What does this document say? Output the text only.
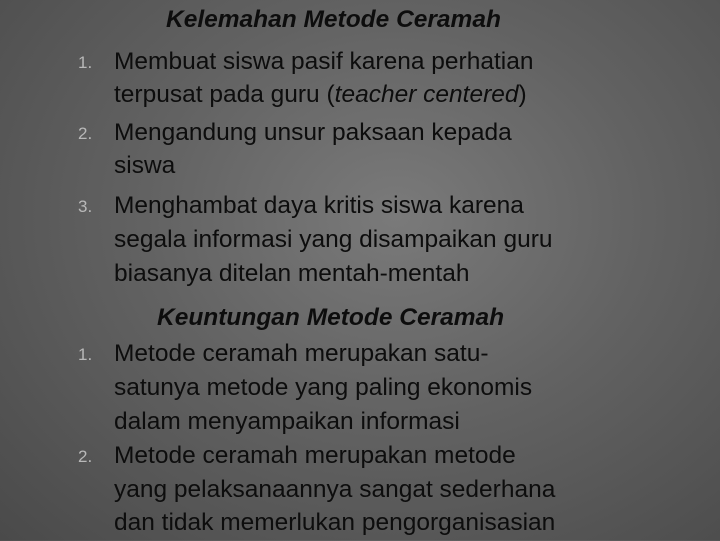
Kelemahan Metode Ceramah
1. Membuat siswa pasif karena perhatian
terpusat pada guru (teacher centered)
2. Mengandung unsur paksaan kepada
siswa
3. Menghambat daya kritis siswa karena
segala informasi yang disampaikan guru
biasanya ditelan mentah-mentah
Keuntungan Metode Ceramah
1. Metode ceramah merupakan satu-
satunya metode yang paling ekonomis
dalam menyampaikan informasi
2. Metode ceramah merupakan metode
yang pelaksanaannya sangat sederhana
dan tidak memerlukan pengorganisasian
